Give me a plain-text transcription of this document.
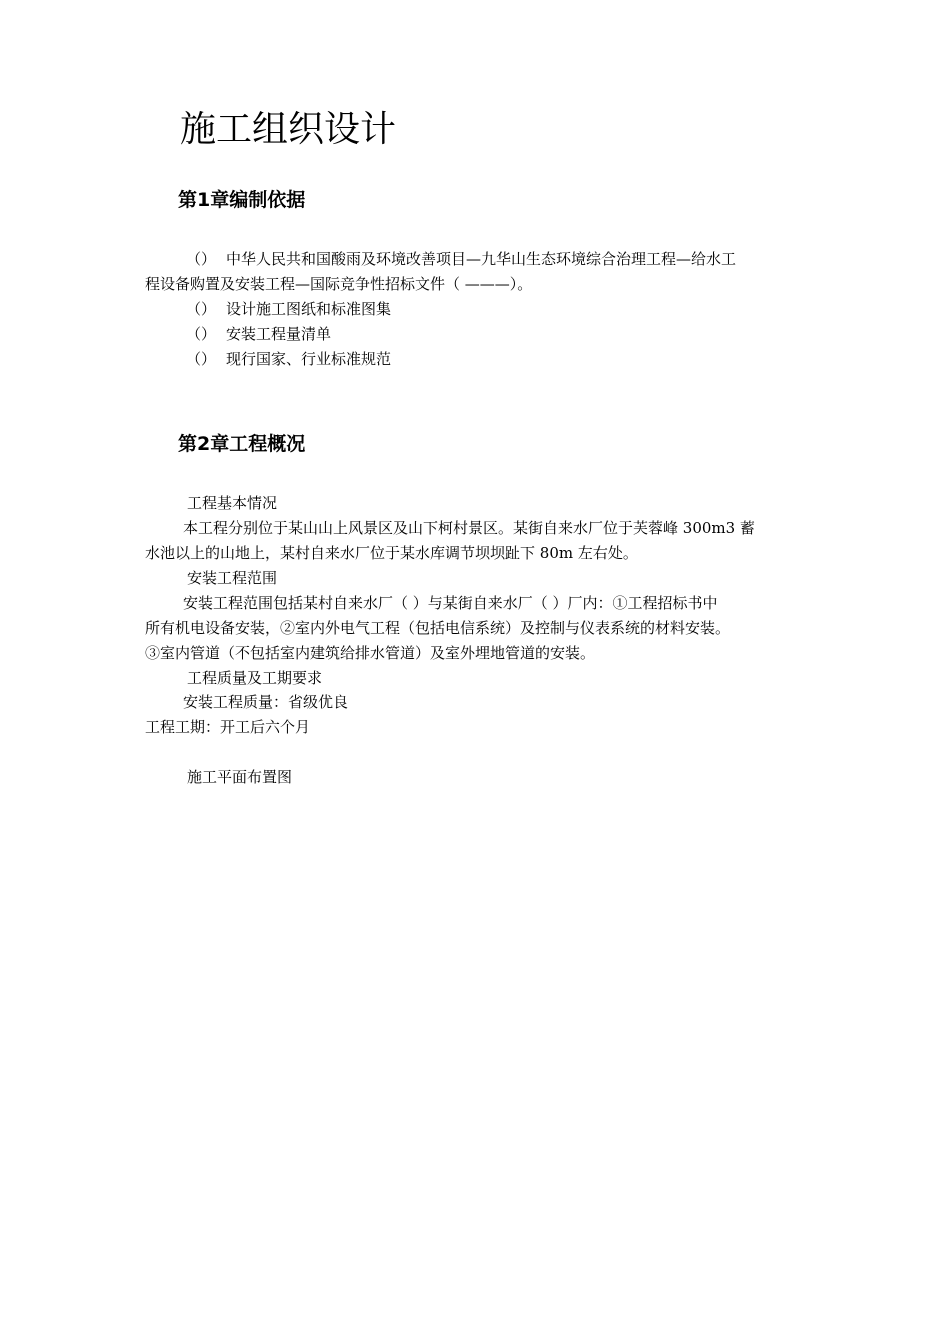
施工组织设计
第1章编制依据

（） 中华人民共和国酸雨及环境改善项目—九华山生态环境综合治理工程—给水工

程设备购置及安装工程—国际竞争性招标文件（ ———）。

（） 设计施工图纸和标准图集

（） 安装工程量清单

（） 现行国家、行业标准规范

第2章工程概况

工程基本情况

本工程分别位于某山山上风景区及山下柯村景区。某街自来水厂位于芙蓉峰 300m3 蓄

水池以上的山地上，某村自来水厂位于某水库调节坝坝趾下 80m 左右处。

安装工程范围

安装工程范围包括某村自来水厂（ ）与某街自来水厂（ ）厂内：①工程招标书中

所有机电设备安装，②室内外电气工程（包括电信系统）及控制与仪表系统的材料安装。

③室内管道（不包括室内建筑给排水管道）及室外埋地管道的安装。

工程质量及工期要求

安装工程质量：省级优良

工程工期：开工后六个月

施工平面布置图
